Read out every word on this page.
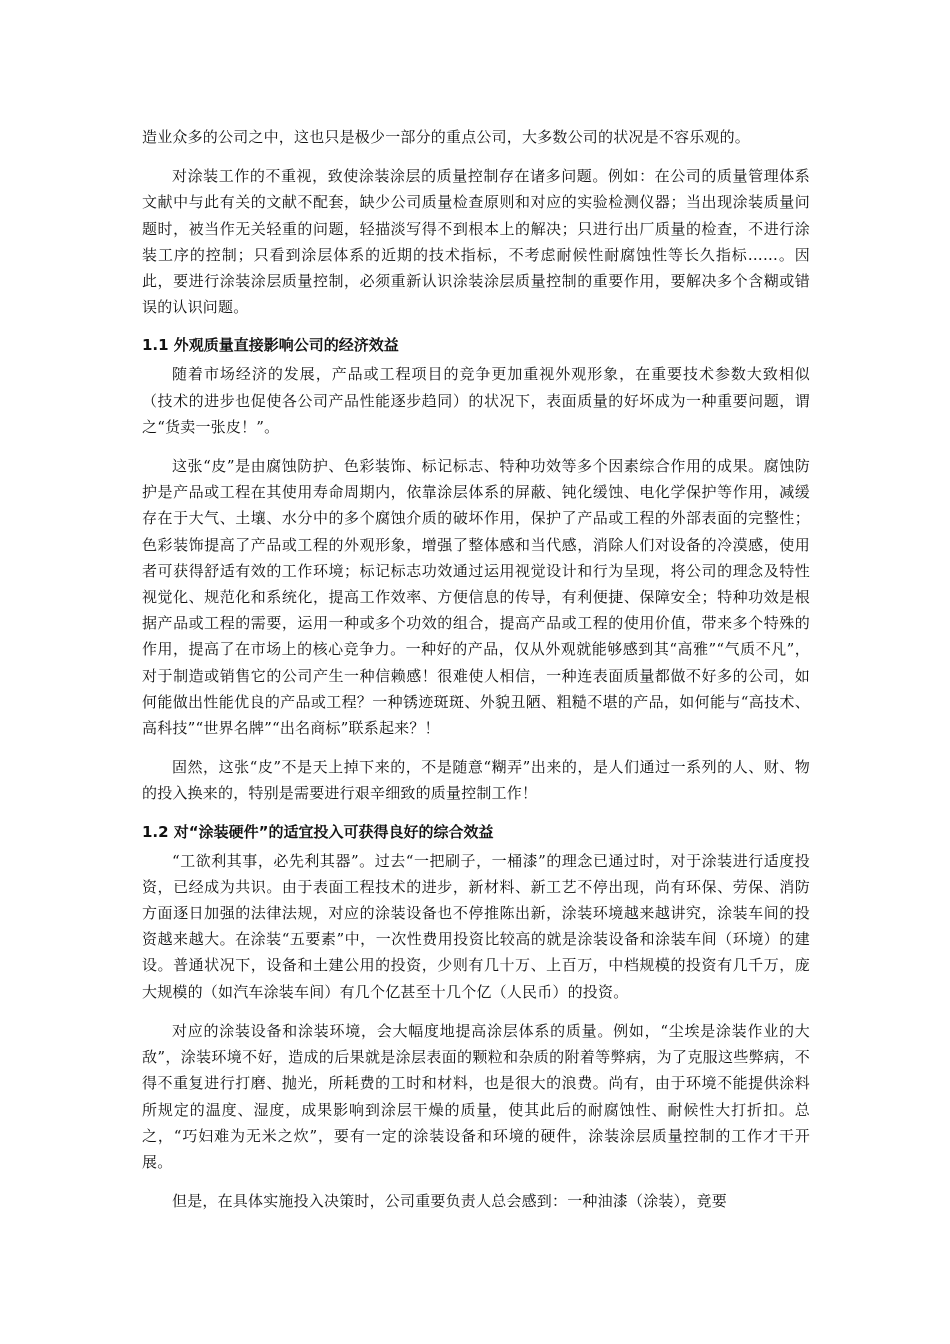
造业众多的公司之中，这也只是极少一部分的重点公司，大多数公司的状况是不容乐观的。

对涂装工作的不重视，致使涂装涂层的质量控制存在诸多问题。例如：在公司的质量管理体系文献中与此有关的文献不配套，缺少公司质量检查原则和对应的实验检测仪器；当出现涂装质量问题时，被当作无关轻重的问题，轻描淡写得不到根本上的解决；只进行出厂质量的检查，不进行涂装工序的控制；只看到涂层体系的近期的技术指标，不考虑耐候性耐腐蚀性等长久指标……。因此，要进行涂装涂层质量控制，必须重新认识涂装涂层质量控制的重要作用，要解决多个含糊或错误的认识问题。

1.1 外观质量直接影响公司的经济效益

随着市场经济的发展，产品或工程项目的竞争更加重视外观形象，在重要技术参数大致相似（技术的进步也促使各公司产品性能逐步趋同）的状况下，表面质量的好坏成为一种重要问题，谓之“货卖一张皮！”。

这张“皮”是由腐蚀防护、色彩装饰、标记标志、特种功效等多个因素综合作用的成果。腐蚀防护是产品或工程在其使用寿命周期内，依靠涂层体系的屏蔽、钝化缓蚀、电化学保护等作用，减缓存在于大气、土壤、水分中的多个腐蚀介质的破坏作用，保护了产品或工程的外部表面的完整性；色彩装饰提高了产品或工程的外观形象，增强了整体感和当代感，消除人们对设备的冷漠感，使用者可获得舒适有效的工作环境；标记标志功效通过运用视觉设计和行为呈现，将公司的理念及特性视觉化、规范化和系统化，提高工作效率、方便信息的传导，有利便捷、保障安全；特种功效是根据产品或工程的需要，运用一种或多个功效的组合，提高产品或工程的使用价值，带来多个特殊的作用，提高了在市场上的核心竞争力。一种好的产品，仅从外观就能够感到其“高雅”“气质不凡”，对于制造或销售它的公司产生一种信赖感！很难使人相信，一种连表面质量都做不好多的公司，如何能做出性能优良的产品或工程？一种锈迹斑斑、外貌丑陋、粗糙不堪的产品，如何能与“高技术、高科技”“世界名牌”“出名商标”联系起来？！

固然，这张“皮”不是天上掉下来的，不是随意“糊弄”出来的，是人们通过一系列的人、财、物的投入换来的，特别是需要进行艰辛细致的质量控制工作！

1.2 对“涂装硬件”的适宜投入可获得良好的综合效益

“工欲利其事，必先利其器”。过去“一把刷子，一桶漆”的理念已通过时，对于涂装进行适度投资，已经成为共识。由于表面工程技术的进步，新材料、新工艺不停出现，尚有环保、劳保、消防方面逐日加强的法律法规，对应的涂装设备也不停推陈出新，涂装环境越来越讲究，涂装车间的投资越来越大。在涂装“五要素”中，一次性费用投资比较高的就是涂装设备和涂装车间（环境）的建设。普通状况下，设备和土建公用的投资，少则有几十万、上百万，中档规模的投资有几千万，庞大规模的（如汽车涂装车间）有几个亿甚至十几个亿（人民币）的投资。

对应的涂装设备和涂装环境，会大幅度地提高涂层体系的质量。例如，“尘埃是涂装作业的大敌”，涂装环境不好，造成的后果就是涂层表面的颗粒和杂质的附着等弊病，为了克服这些弊病，不得不重复进行打磨、抛光，所耗费的工时和材料，也是很大的浪费。尚有，由于环境不能提供涂料所规定的温度、湿度，成果影响到涂层干燥的质量，使其此后的耐腐蚀性、耐候性大打折扣。总之，“巧妇难为无米之炊”，要有一定的涂装设备和环境的硬件，涂装涂层质量控制的工作才干开展。

但是，在具体实施投入决策时，公司重要负责人总会感到：一种油漆（涂装），竟要
